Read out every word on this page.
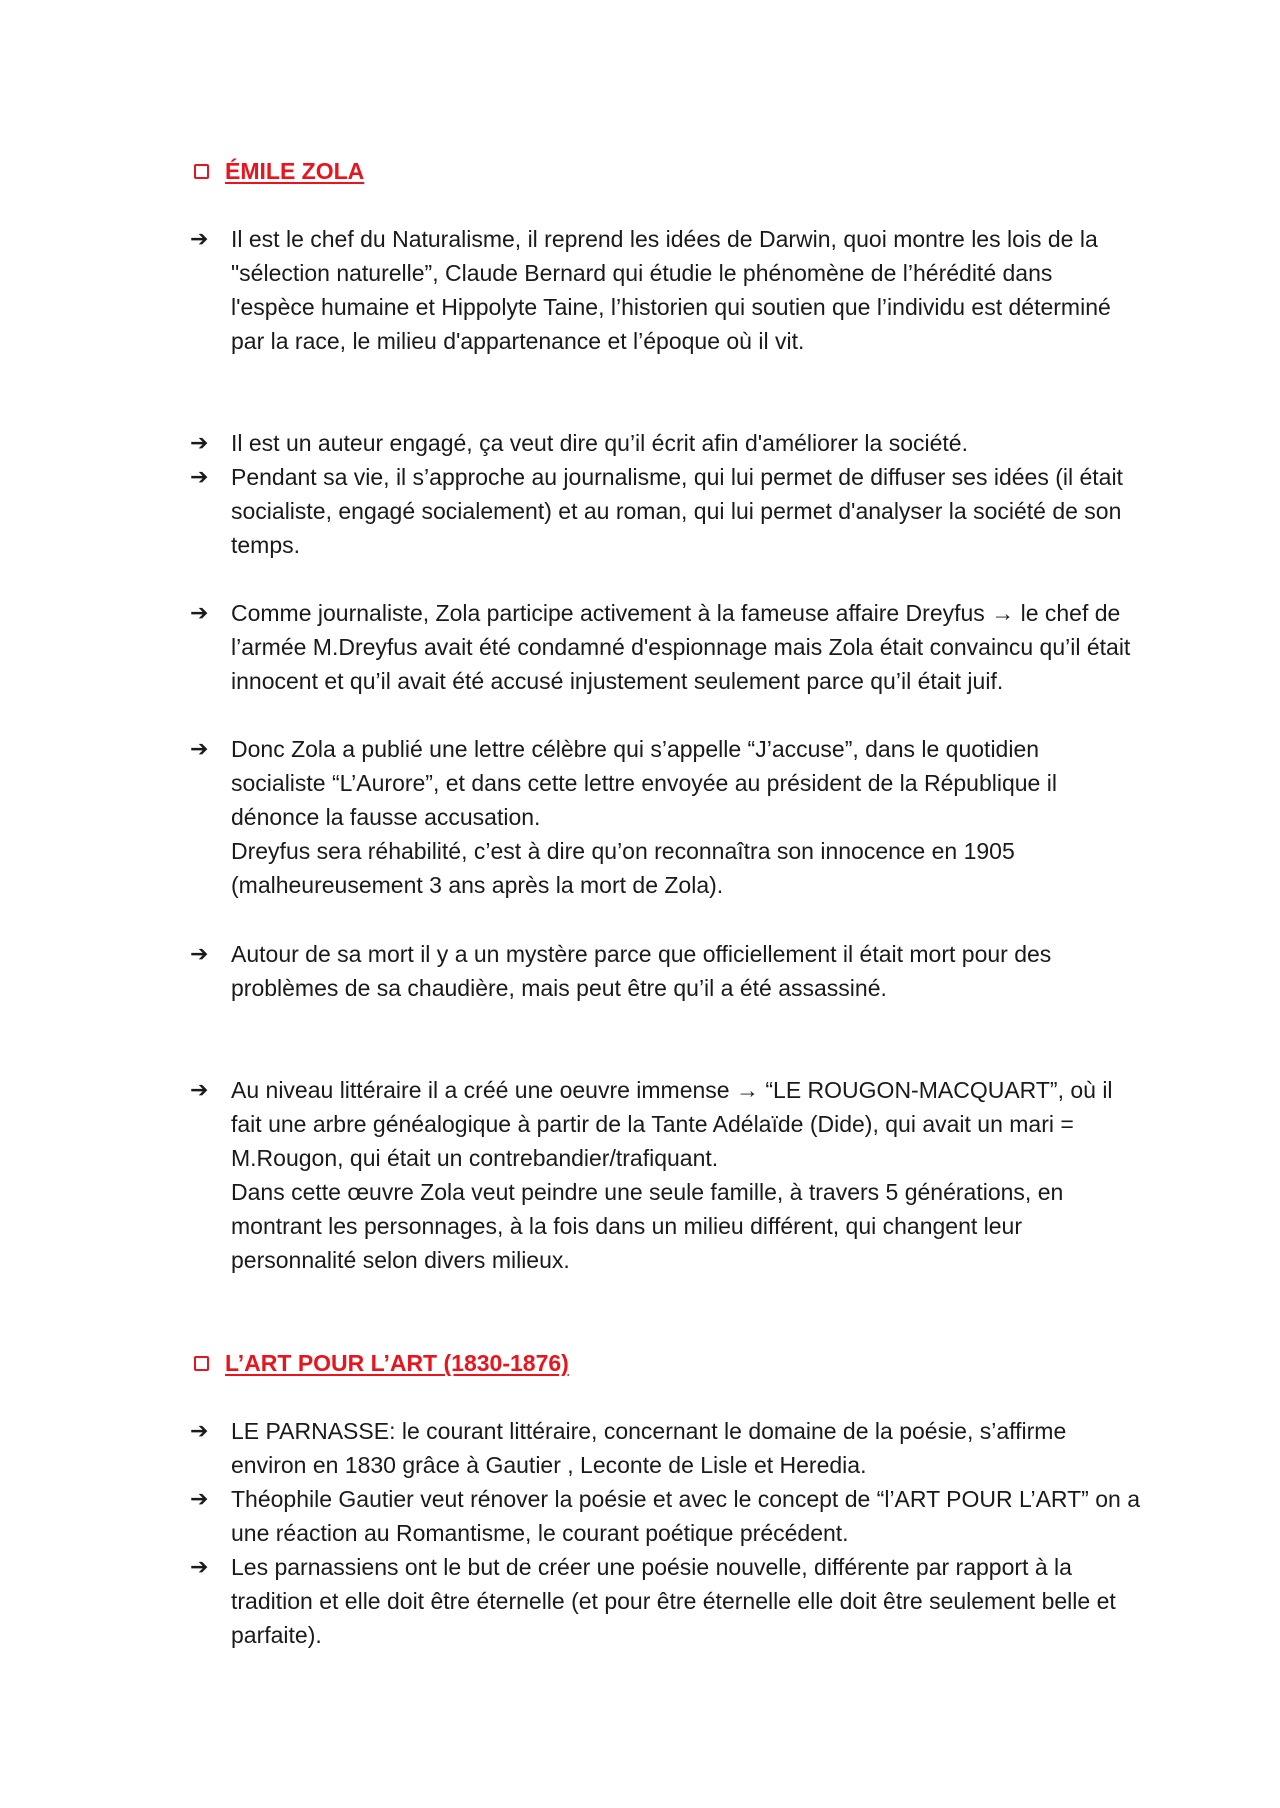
ÉMILE ZOLA
➔ Il est le chef du Naturalisme, il reprend les idées de Darwin, quoi montre les lois de la "sélection naturelle”, Claude Bernard qui étudie le phénomène de l’hérédité dans l'espèce humaine et Hippolyte Taine, l’historien qui soutien que l’individu est déterminé par la race, le milieu d'appartenance et l’époque où il vit.

➔ Il est un auteur engagé, ça veut dire qu’il écrit afin d'améliorer la société.

➔ Pendant sa vie, il s’approche au journalisme, qui lui permet de diffuser ses idées (il était socialiste, engagé socialement) et au roman, qui lui permet d'analyser la société de son temps.

➔ Comme journaliste, Zola participe activement à la fameuse affaire Dreyfus → le chef de l’armée M.Dreyfus avait été condamné d'espionnage mais Zola était convaincu qu’il était innocent et qu’il avait été accusé injustement seulement parce qu’il était juif.

➔ Donc Zola a publié une lettre célèbre qui s’appelle “J’accuse”, dans le quotidien socialiste “L’Aurore”, et dans cette lettre envoyée au président de la République il dénonce la fausse accusation.

Dreyfus sera réhabilité, c’est à dire qu’on reconnaîtra son innocence en 1905 (malheureusement 3 ans après la mort de Zola).

➔ Autour de sa mort il y a un mystère parce que officiellement il était mort pour des problèmes de sa chaudière, mais peut être qu’il a été assassiné.

➔ Au niveau littéraire il a créé une oeuvre immense → “LE ROUGON-MACQUART”, où il fait une arbre généalogique à partir de la Tante Adélaïde (Dide), qui avait un mari = M.Rougon, qui était un contrebandier/trafiquant.

Dans cette œuvre Zola veut peindre une seule famille, à travers 5 générations, en montrant les personnages, à la fois dans un milieu différent, qui changent leur personnalité selon divers milieux.

L’ART POUR L’ART (1830-1876)
➔ LE PARNASSE: le courant littéraire, concernant le domaine de la poésie, s’affirme environ en 1830 grâce à Gautier , Leconte de Lisle et Heredia.

➔ Théophile Gautier veut rénover la poésie et avec le concept de “l’ART POUR L’ART” on a une réaction au Romantisme, le courant poétique précédent.

➔ Les parnassiens ont le but de créer une poésie nouvelle, différente par rapport à la tradition et elle doit être éternelle (et pour être éternelle elle doit être seulement belle et parfaite).
